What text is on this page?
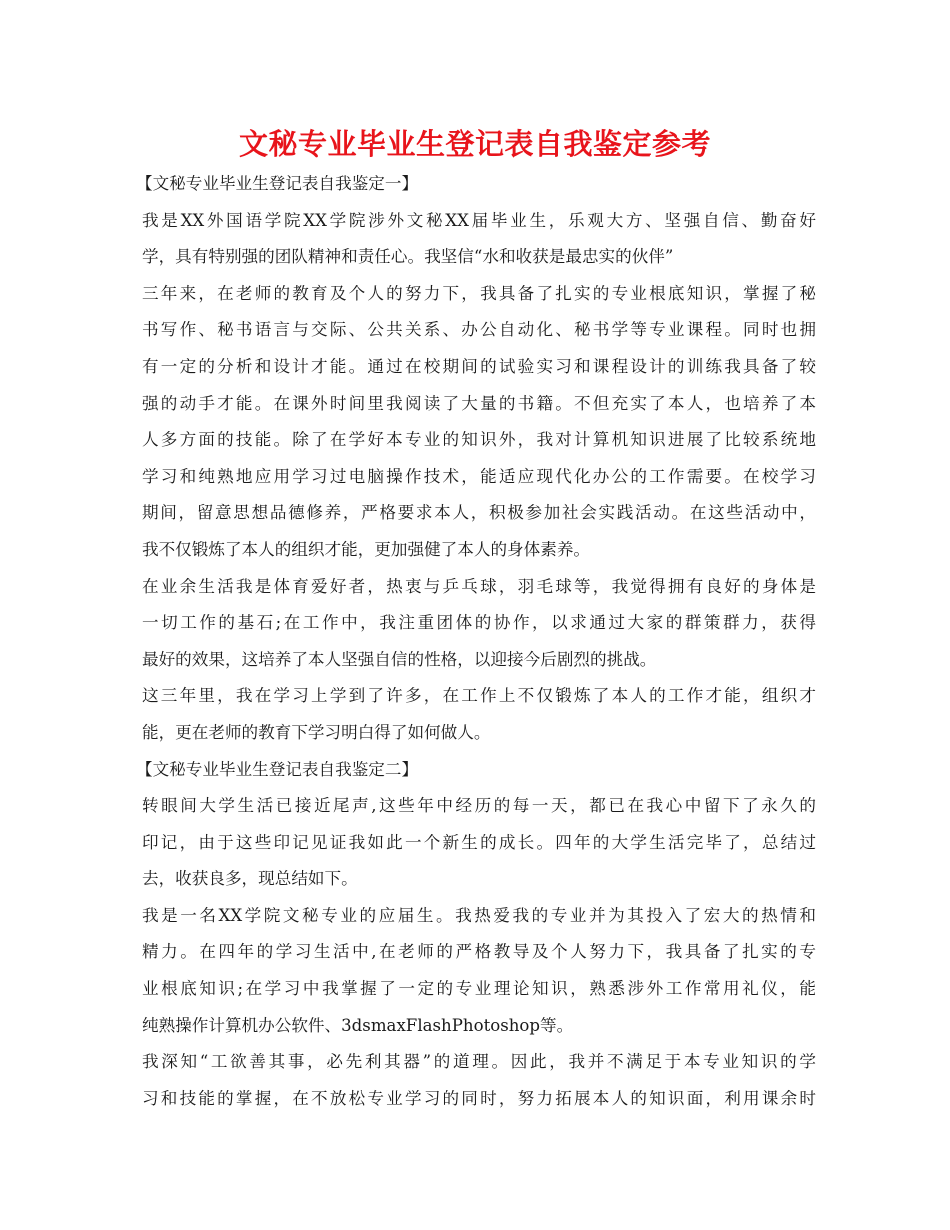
文秘专业毕业生登记表自我鉴定参考
【文秘专业毕业生登记表自我鉴定一】
我是XX外国语学院XX学院涉外文秘XX届毕业生，乐观大方、坚强自信、勤奋好
学，具有特别强的团队精神和责任心。我坚信“水和收获是最忠实的伙伴”
三年来，在老师的教育及个人的努力下，我具备了扎实的专业根底知识，掌握了秘
书写作、秘书语言与交际、公共关系、办公自动化、秘书学等专业课程。同时也拥
有一定的分析和设计才能。通过在校期间的试验实习和课程设计的训练我具备了较
强的动手才能。在课外时间里我阅读了大量的书籍。不但充实了本人，也培养了本
人多方面的技能。除了在学好本专业的知识外，我对计算机知识进展了比较系统地
学习和纯熟地应用学习过电脑操作技术，能适应现代化办公的工作需要。在校学习
期间，留意思想品德修养，严格要求本人，积极参加社会实践活动。在这些活动中，
我不仅锻炼了本人的组织才能，更加强健了本人的身体素养。
在业余生活我是体育爱好者，热衷与乒乓球，羽毛球等，我觉得拥有良好的身体是
一切工作的基石;在工作中，我注重团体的协作，以求通过大家的群策群力，获得
最好的效果，这培养了本人坚强自信的性格，以迎接今后剧烈的挑战。
这三年里，我在学习上学到了许多，在工作上不仅锻炼了本人的工作才能，组织才
能，更在老师的教育下学习明白得了如何做人。
【文秘专业毕业生登记表自我鉴定二】
转眼间大学生活已接近尾声,这些年中经历的每一天，都已在我心中留下了永久的
印记，由于这些印记见证我如此一个新生的成长。四年的大学生活完毕了，总结过
去，收获良多，现总结如下。
我是一名XX学院文秘专业的应届生。我热爱我的专业并为其投入了宏大的热情和
精力。在四年的学习生活中,在老师的严格教导及个人努力下，我具备了扎实的专
业根底知识;在学习中我掌握了一定的专业理论知识，熟悉涉外工作常用礼仪，能
纯熟操作计算机办公软件、3dsmaxFlashPhotoshop等。
我深知“工欲善其事，必先利其器”的道理。因此，我并不满足于本专业知识的学
习和技能的掌握，在不放松专业学习的同时，努力拓展本人的知识面，利用课余时
